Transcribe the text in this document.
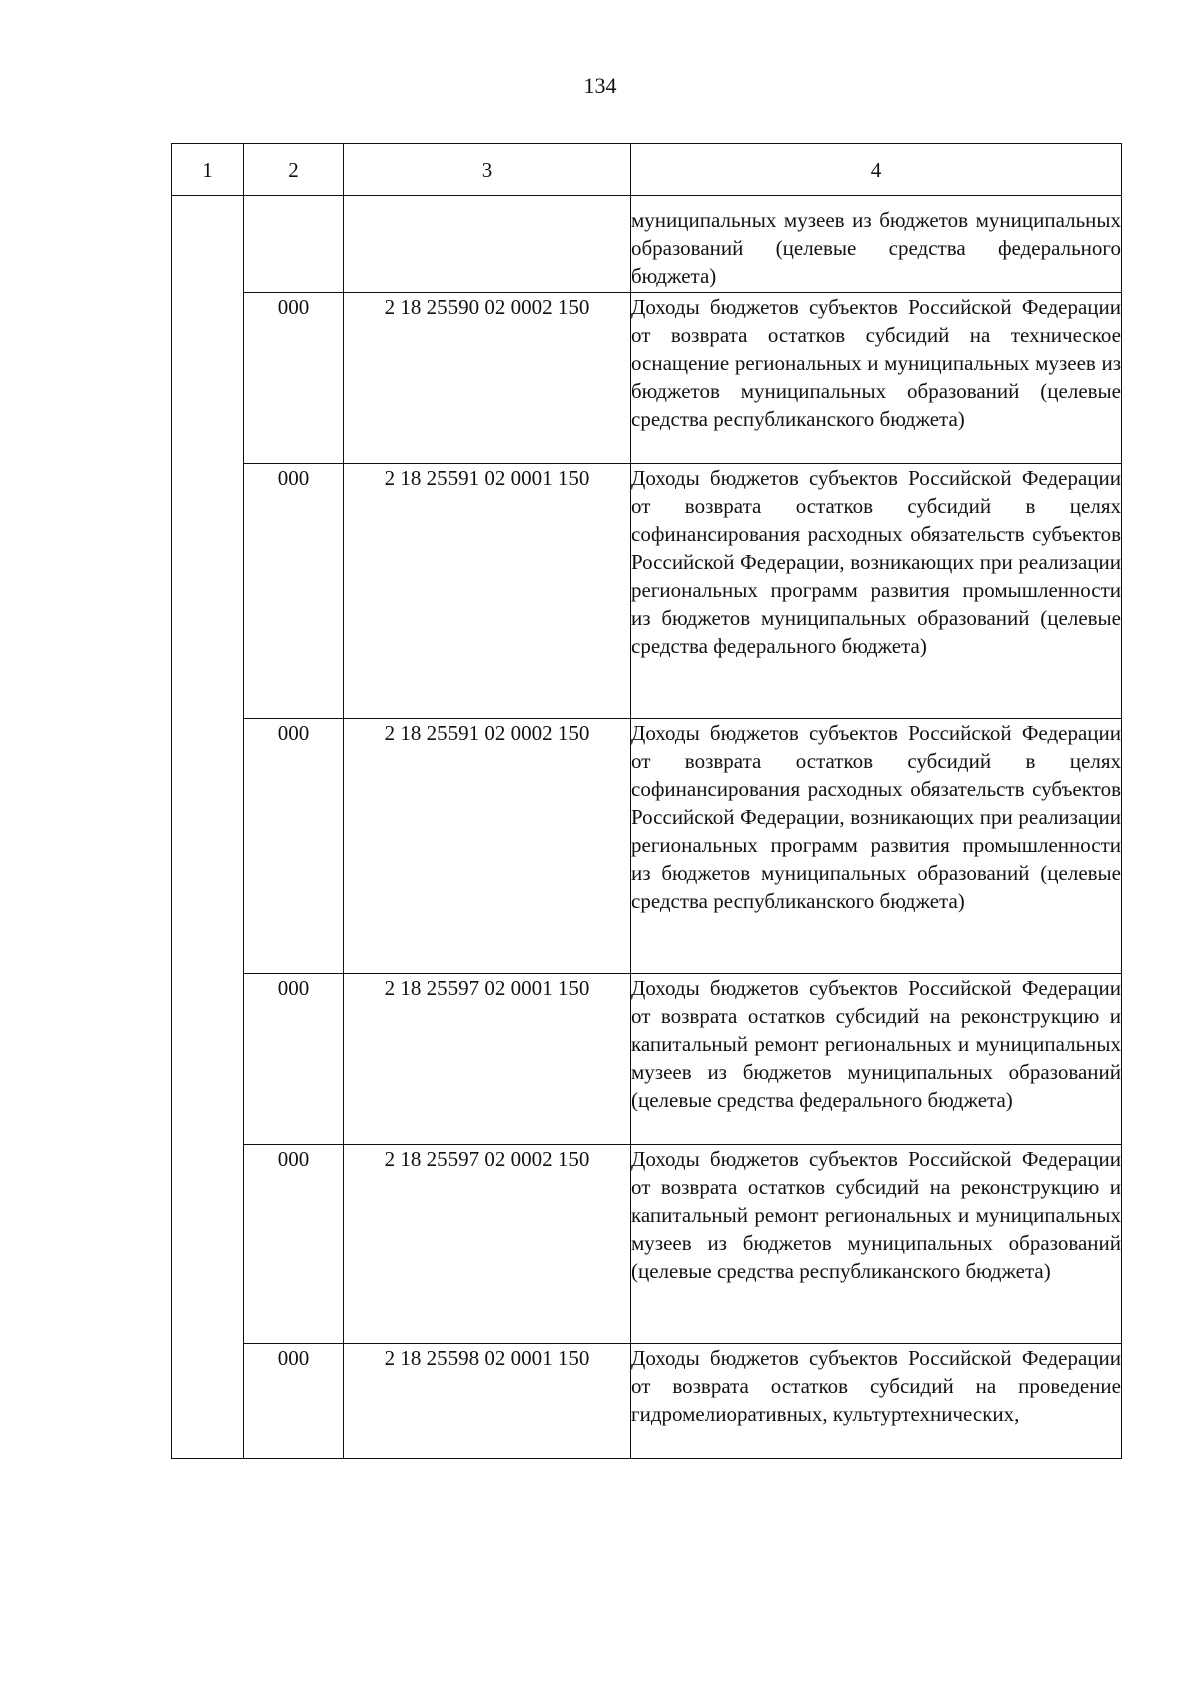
134
1	2	3	4
			муниципальных музеев из бюджетов муниципальных образований (целевые средства федерального бюджета)
	000	2 18 25590 02 0002 150	Доходы бюджетов субъектов Российской Федерации от возврата остатков субсидий на техническое оснащение региональных и муниципальных музеев из бюджетов муниципальных образований (целевые средства республиканского бюджета)
	000	2 18 25591 02 0001 150	Доходы бюджетов субъектов Российской Федерации от возврата остатков субсидий в целях софинансирования расходных обязательств субъектов Российской Федерации, возникающих при реализации региональных программ развития промышленности из бюджетов муниципальных образований (целевые средства федерального бюджета)
	000	2 18 25591 02 0002 150	Доходы бюджетов субъектов Российской Федерации от возврата остатков субсидий в целях софинансирования расходных обязательств субъектов Российской Федерации, возникающих при реализации региональных программ развития промышленности из бюджетов муниципальных образований (целевые средства республиканского бюджета)
	000	2 18 25597 02 0001 150	Доходы бюджетов субъектов Российской Федерации от возврата остатков субсидий на реконструкцию и капитальный ремонт региональных и муниципальных музеев из бюджетов муниципальных образований (целевые средства федерального бюджета)
	000	2 18 25597 02 0002 150	Доходы бюджетов субъектов Российской Федерации от возврата остатков субсидий на реконструкцию и капитальный ремонт региональных и муниципальных музеев из бюджетов муниципальных образований (целевые средства республиканского бюджета)
	000	2 18 25598 02 0001 150	Доходы бюджетов субъектов Российской Федерации от возврата остатков субсидий на проведение гидромелиоративных, культуртехнических,
